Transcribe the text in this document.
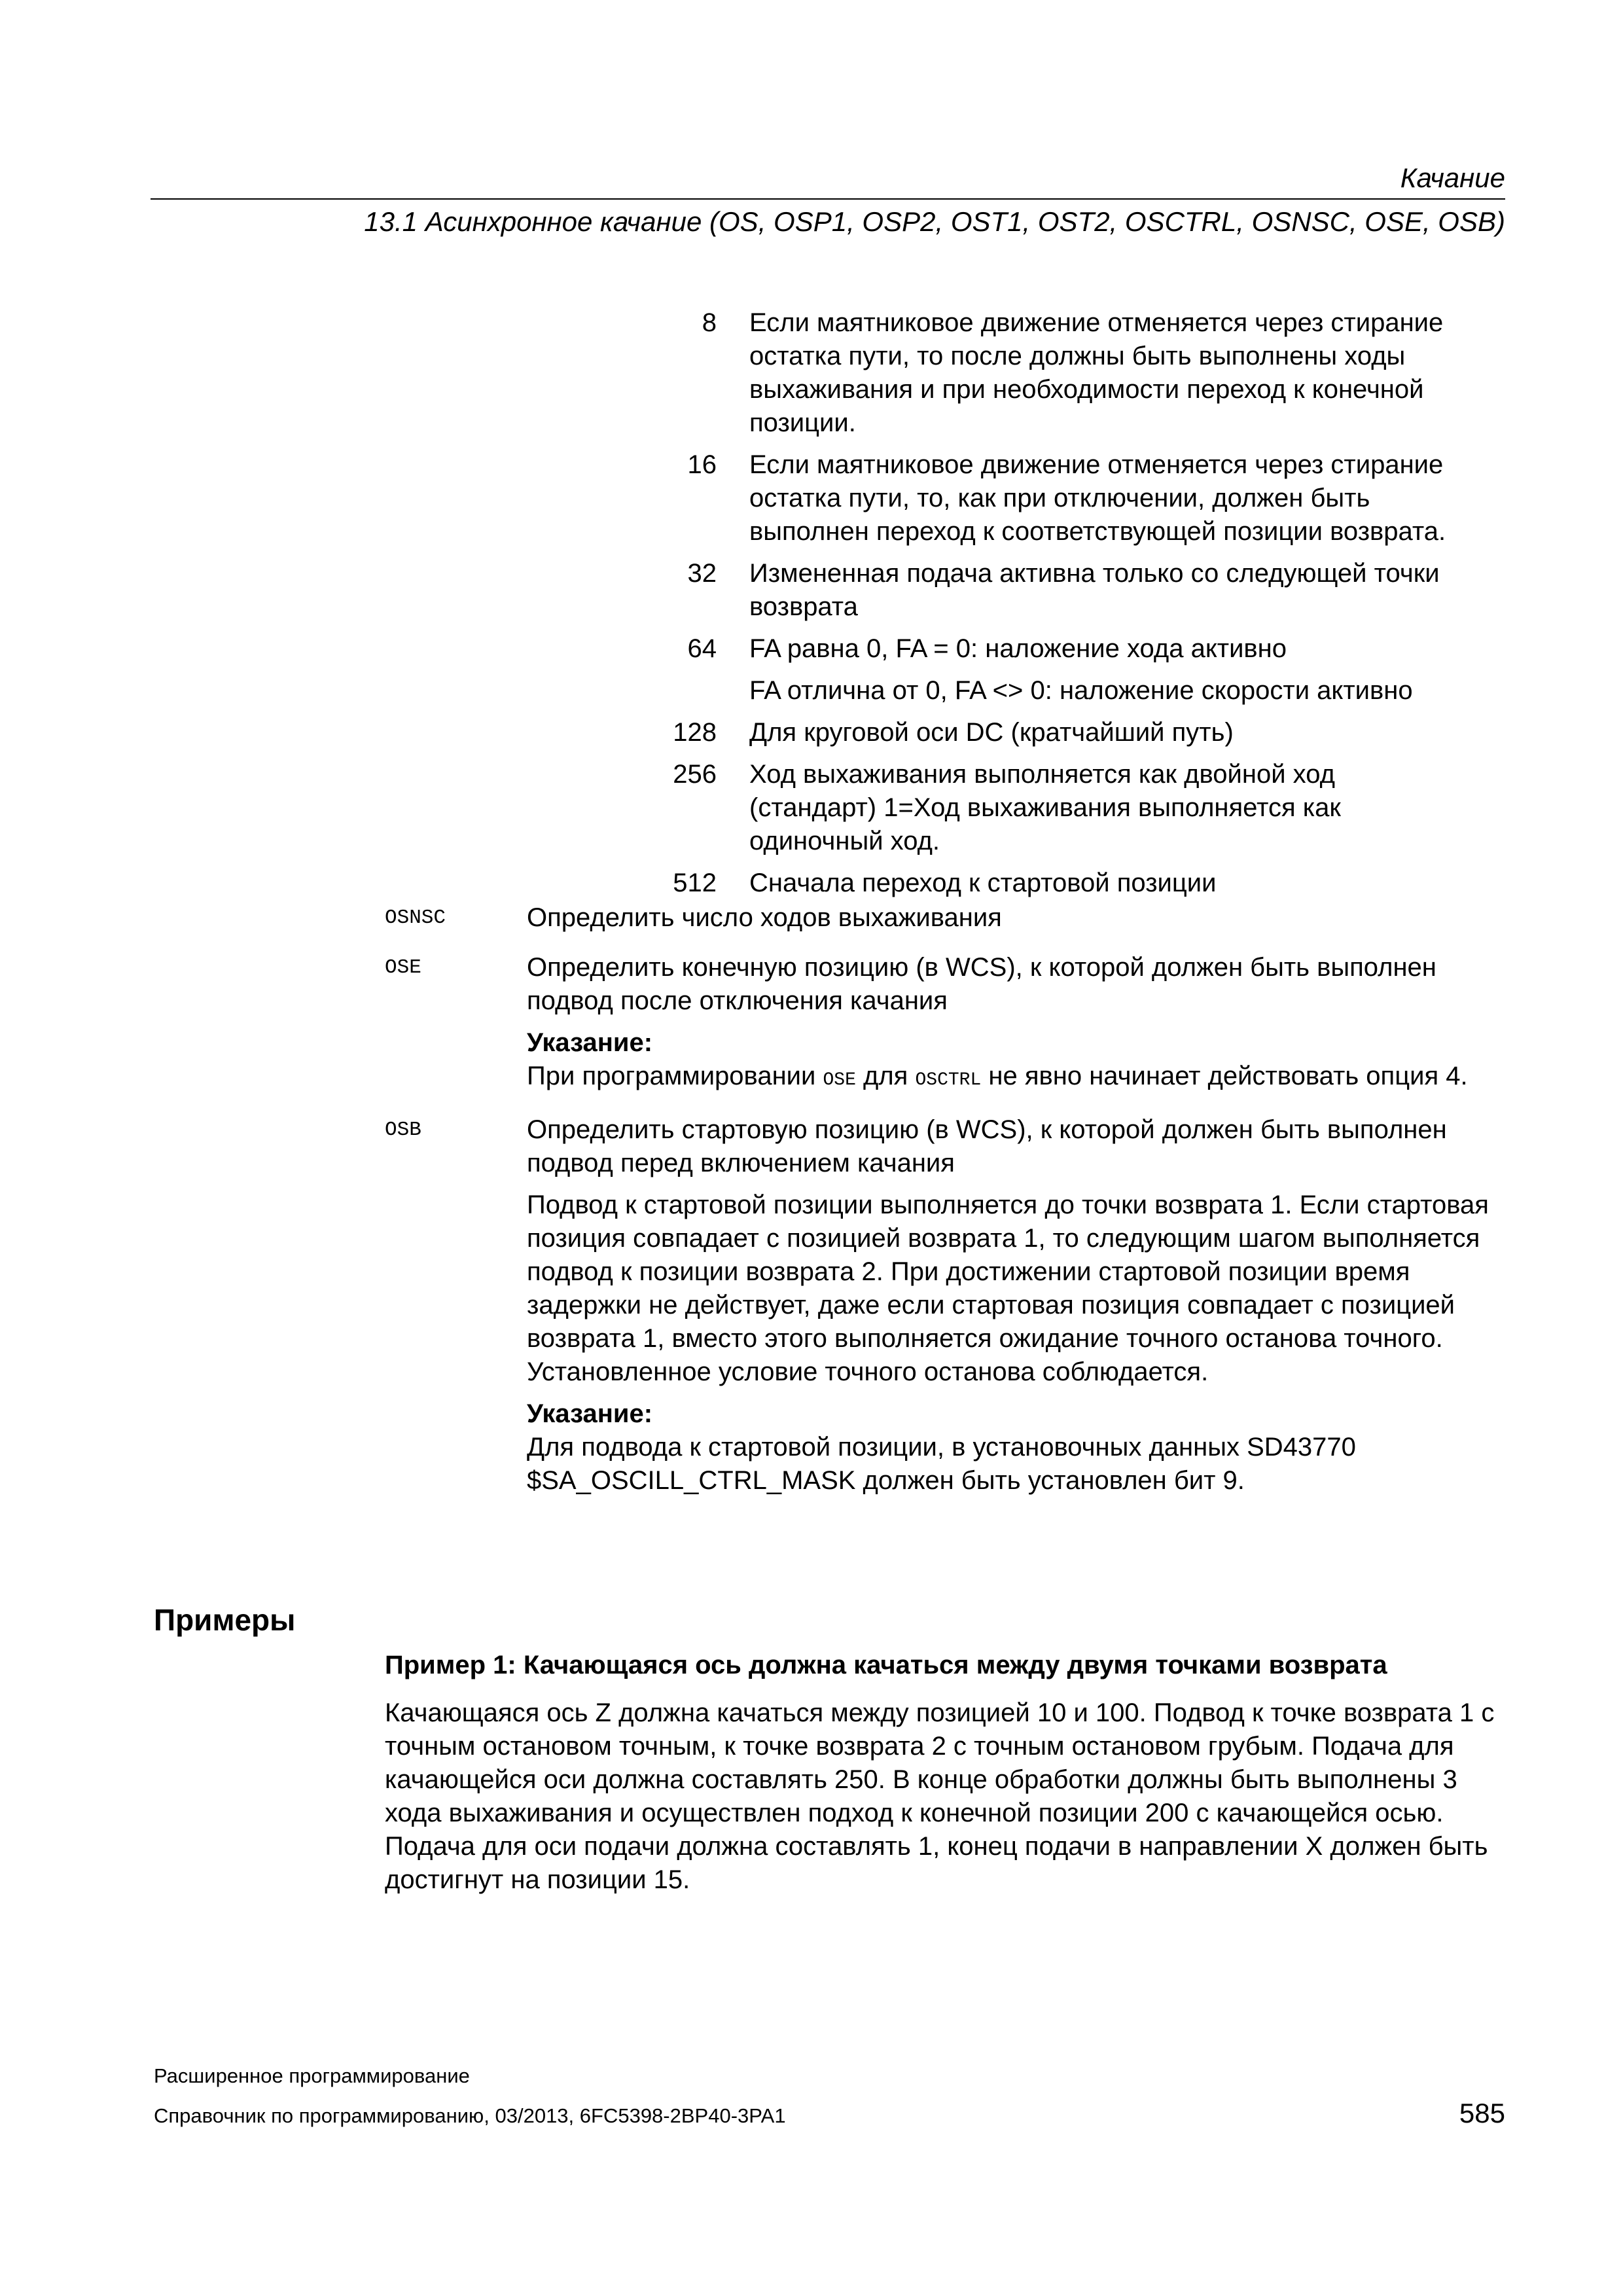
Качание
13.1 Асинхронное качание (OS, OSP1, OSP2, OST1, OST2, OSCTRL, OSNSC, OSE, OSB)
8 Если маятниковое движение отменяется через стирание
остатка пути, то после должны быть выполнены ходы
выхаживания и при необходимости переход к конечной
позиции.
16 Если маятниковое движение отменяется через стирание
остатка пути, то, как при отключении, должен быть
выполнен переход к соответствующей позиции возврата.
32 Измененная подача активна только со следующей точки
возврата
64 FA равна 0, FA = 0: наложение хода активно
FA отлична от 0, FA <> 0: наложение скорости активно
128 Для круговой оси DC (кратчайший путь)
256 Ход выхаживания выполняется как двойной ход
(стандарт) 1=Ход выхаживания выполняется как
одиночный ход.
512 Сначала переход к стартовой позиции
OSNSC	Определить число ходов выхаживания
OSE	Определить конечную позицию (в WCS), к которой должен быть выполнен подвод после отключения качания
Указание:
При программировании OSE для OSCTRL не явно начинает действовать опция 4.
OSB	Определить стартовую позицию (в WCS), к которой должен быть выполнен подвод перед включением качания
Подвод к стартовой позиции выполняется до точки возврата 1. Если стартовая позиция совпадает с позицией возврата 1, то следующим шагом выполняется подвод к позиции возврата 2. При достижении стартовой позиции время задержки не действует, даже если стартовая позиция совпадает с позицией возврата 1, вместо этого выполняется ожидание точного останова точного. Установленное условие точного останова соблюдается.
Указание:
Для подвода к стартовой позиции, в установочных данных SD43770 $SA_OSCILL_CTRL_MASK должен быть установлен бит 9.
Примеры
Пример 1: Качающаяся ось должна качаться между двумя точками возврата
Качающаяся ось Z должна качаться между позицией 10 и 100. Подвод к точке возврата 1 с точным остановом точным, к точке возврата 2 с точным остановом грубым. Подача для качающейся оси должна составлять 250. В конце обработки должны быть выполнены 3 хода выхаживания и осуществлен подход к конечной позиции 200 с качающейся осью. Подача для оси подачи должна составлять 1, конец подачи в направлении X должен быть достигнут на позиции 15.
Расширенное программирование
Справочник по программированию, 03/2013, 6FC5398-2BP40-3PA1	585
